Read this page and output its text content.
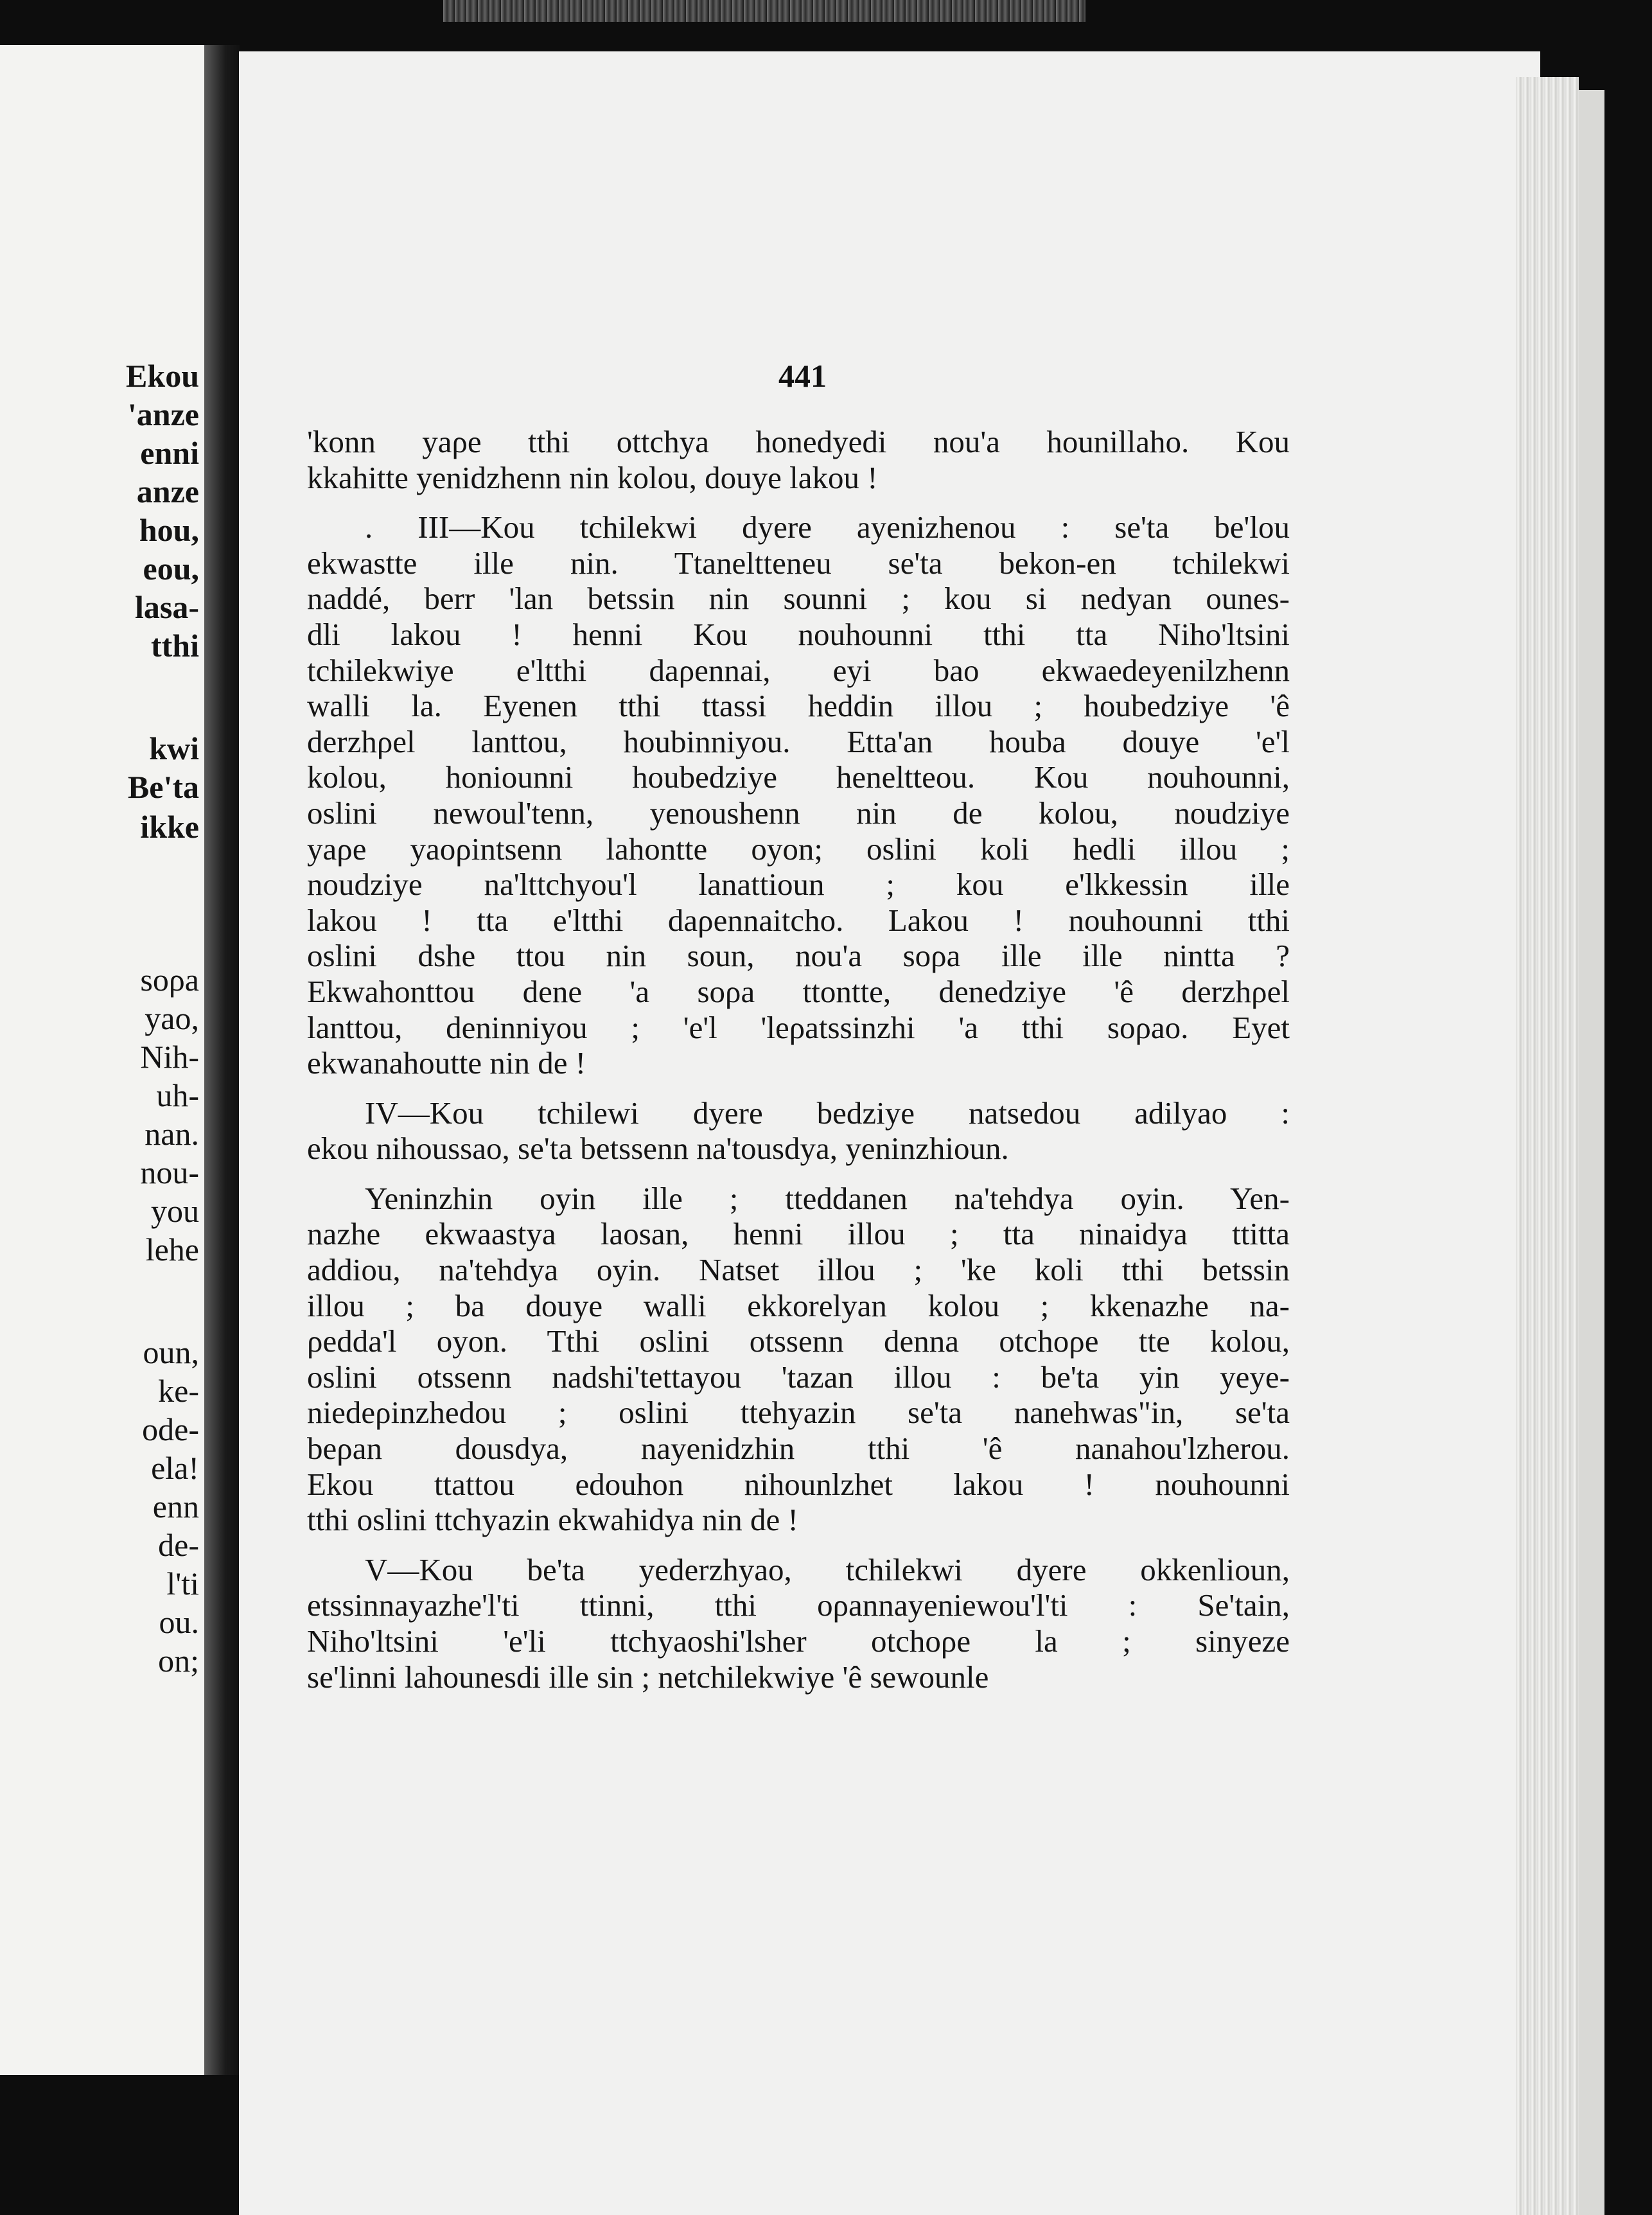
Ekou
'anze
enni
anze
hou,
eou,
lasa-
tthi
kwi
Be'ta
ikke
soρa
yao,
Nih-
uh-
nan.
nou-
you
lehe
oun,
ke-
ode-
ela!
enn
de-
l'ti
ou.
on;
441
'konn yaρe tthi ottchya honedyedi nou'a hounillaho. Kou
kkahitte yenidzhenn nin kolou, douye lakou !
. III—Kou tchilekwi dyere ayenizhenou : se'ta be'lou
ekwastte ille nin. Ttaneltteneu se'ta bekon-en tchilekwi
naddé, berr 'lan betssin nin sounni ; kou si nedyan ounes-
dli lakou ! henni Kou nouhounni tthi tta Niho'ltsini
tchilekwiye e'ltthi daρennai, eyi bao ekwaedeyenilzhenn
walli la. Eyenen tthi ttassi heddin illou ; houbedziye 'ê
derzhρel lanttou, houbinniyou. Etta'an houba douye 'e'l
kolou, honiounni houbedziye heneltteou. Kou nouhounni,
oslini newoul'tenn, yenoushenn nin de kolou, noudziye
yaρe yaoρintsenn lahontte oyon; oslini koli hedli illou ;
noudziye na'lttchyou'l lanattioun ; kou e'lkkessin ille
lakou ! tta e'ltthi daρennaitcho. Lakou ! nouhounni tthi
oslini dshe ttou nin soun, nou'a soρa ille ille nintta ?
Ekwahonttou dene 'a soρa ttontte, denedziye 'ê derzhρel
lanttou, deninniyou ; 'e'l 'leρatssinzhi 'a tthi soρao. Eyet
ekwanahoutte nin de !
IV—Kou tchilewi dyere bedziye natsedou adilyao :
ekou nihoussao, se'ta betssenn na'tousdya, yeninzhioun.
Yeninzhin oyin ille ; tteddanen na'tehdya oyin. Yen-
nazhe ekwaastya laosan, henni illou ; tta ninaidya ttitta
addiou, na'tehdya oyin. Natset illou ; 'ke koli tthi betssin
illou ; ba douye walli ekkorelyan kolou ; kkenazhe na-
ρedda'l oyon. Tthi oslini otssenn denna otchoρe tte kolou,
oslini otssenn nadshi'tettayou 'tazan illou : be'ta yin yeye-
niedeρinzhedou ; oslini ttehyazin se'ta nanehwas"in, se'ta
beρan dousdya, nayenidzhin tthi 'ê nanahou'lzherou.
Ekou ttattou edouhon nihounlzhet lakou ! nouhounni
tthi oslini ttchyazin ekwahidya nin de !
V—Kou be'ta yederzhyao, tchilekwi dyere okkenlioun,
etssinnayazhe'l'ti ttinni, tthi oρannayeniewou'l'ti : Se'tain,
Niho'ltsini 'e'li ttchyaoshi'lsher otchoρe la ; sinyeze
se'linni lahounesdi ille sin ; netchilekwiye 'ê sewounle
